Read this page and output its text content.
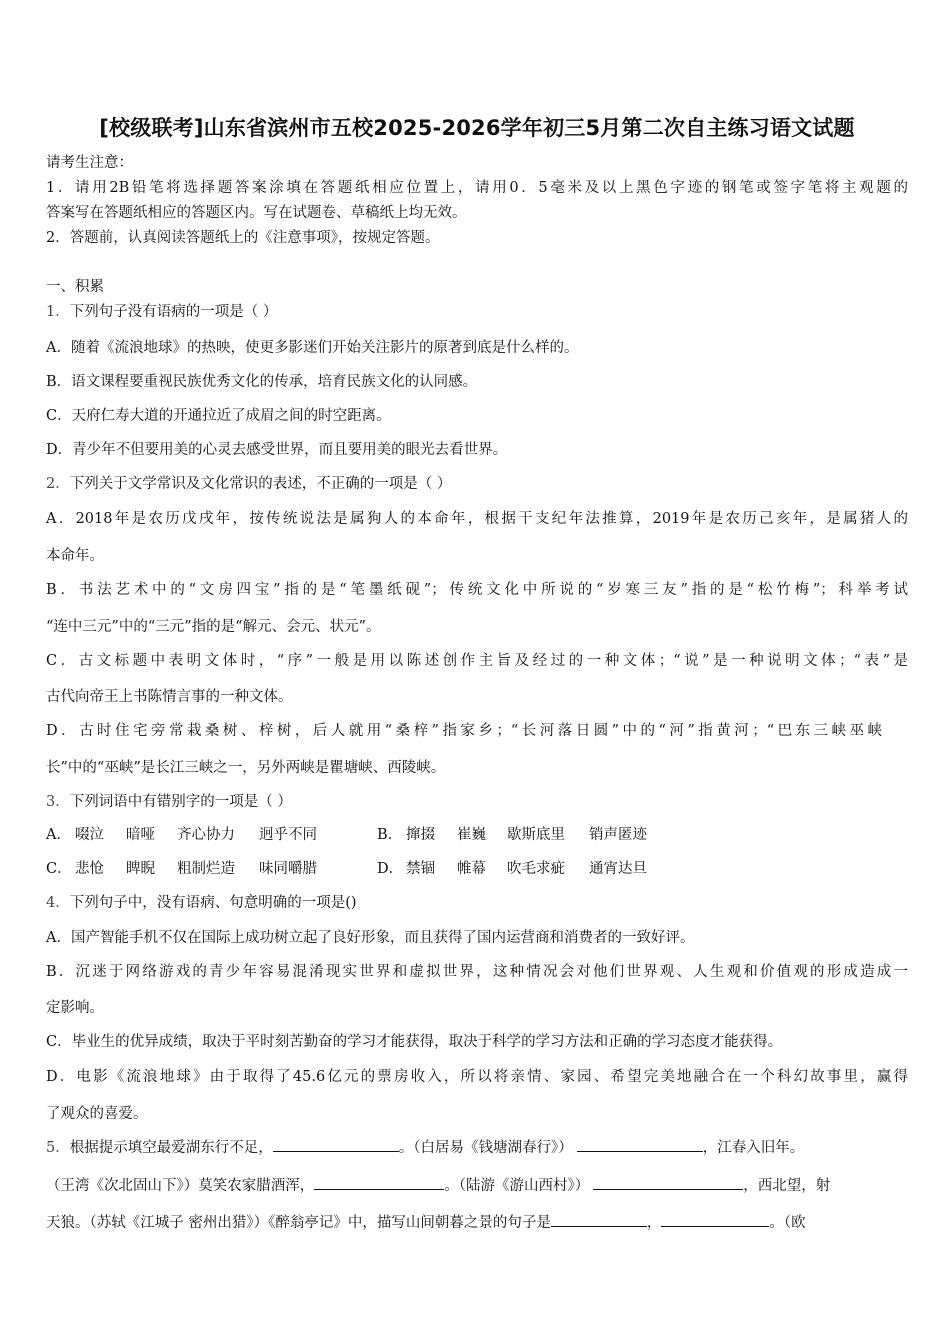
[校级联考]山东省滨州市五校2025-2026学年初三5月第二次自主练习语文试题
请考生注意：
1．请用2B铅笔将选择题答案涂填在答题纸相应位置上，请用0．5毫米及以上黑色字迹的钢笔或签字笔将主观题的
答案写在答题纸相应的答题区内。写在试题卷、草稿纸上均无效。
2．答题前，认真阅读答题纸上的《注意事项》，按规定答题。
一、积累
1．下列句子没有语病的一项是（ ）
A．随着《流浪地球》的热映，使更多影迷们开始关注影片的原著到底是什么样的。
B．语文课程要重视民族优秀文化的传承，培育民族文化的认同感。
C．天府仁寿大道的开通拉近了成眉之间的时空距离。
D．青少年不但要用美的心灵去感受世界，而且要用美的眼光去看世界。
2．下列关于文学常识及文化常识的表述，不正确的一项是（ ）
A．2018年是农历戊戌年，按传统说法是属狗人的本命年，根据干支纪年法推算，2019年是农历己亥年，是属猪人的
本命年。
B．书法艺术中的“文房四宝”指的是“笔墨纸砚”；传统文化中所说的“岁寒三友”指的是“松竹梅”；科举考试
“连中三元”中的“三元”指的是“解元、会元、状元”。
C．古文标题中表明文体时，“序”一般是用以陈述创作主旨及经过的一种文体；“说”是一种说明文体；“表”是
古代向帝王上书陈情言事的一种文体。
D．古时住宅旁常栽桑树、梓树，后人就用“桑梓”指家乡；“长河落日圆”中的“河”指黄河；“巴东三峡巫峡
长”中的“巫峡”是长江三峡之一，另外两峡是瞿塘峡、西陵峡。
3．下列词语中有错别字的一项是（ ）
A． 啜泣 暗哑 齐心协力 迥乎不同	B． 撺掇 崔巍 歇斯底里 销声匿迹
C． 悲怆 睥睨 粗制烂造 味同嚼腊	D． 禁锢 帷幕 吹毛求疵 通宵达旦
4．下列句子中，没有语病、句意明确的一项是()
A．国产智能手机不仅在国际上成功树立起了良好形象，而且获得了国内运营商和消费者的一致好评。
B．沉迷于网络游戏的青少年容易混淆现实世界和虚拟世界，这种情况会对他们世界观、人生观和价值观的形成造成一
定影响。
C．毕业生的优异成绩，取决于平时刻苦勤奋的学习才能获得，取决于科学的学习方法和正确的学习态度才能获得。
D．电影《流浪地球》由于取得了45.6亿元的票房收入，所以将亲情、家园、希望完美地融合在一个科幻故事里，赢得
了观众的喜爱。
5．根据提示填空最爱湖东行不足，	。（白居易《钱塘湖春行》）	，江春入旧年。
（王湾《次北固山下》）莫笑农家腊酒浑，	。（陆游《游山西村》）	，西北望，射
天狼。（苏轼《江城子 密州出猎》）《醉翁亭记》中，描写山间朝暮之景的句子是	，	。（欧
